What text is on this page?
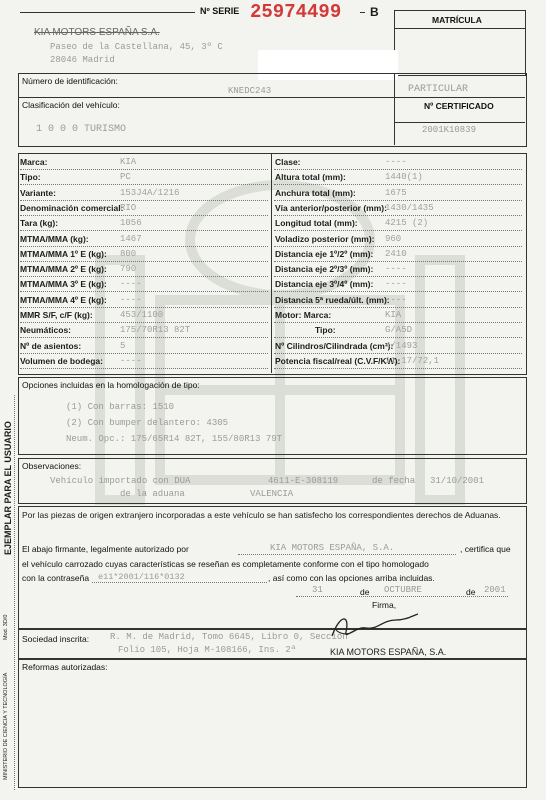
Nº SERIE 25974499 B
KIA MOTORS ESPAÑA S.A.
Paseo de la Castellana, 45, 3º C
28046 Madrid
MATRÍCULA
Número de identificación:
KNEDC243	PARTICULAR
Clasificación del vehículo:
1 0 0 0 TURISMO
Nº CERTIFICADO
2001K10839
Marca:	KIA
Tipo:	PC
Variante:	153J4A/1216
Denominación comercial:
RIO
Tara (kg):	1056
MTMA/MMA (kg):	1467
MTMA/MMA 1º E (kg): 800
MTMA/MMA 2º E (kg): 790
MTMA/MMA 3º E (kg): ----
MTMA/MMA 4º E (kg): ----
MMR S/F, c/F (kg):	453/1100
Neumáticos:	175/70R13 82T
Nº de asientos:	5
Volumen de bodega: ----
Clase:	----
Altura total (mm):	1440(1)
Anchura total (mm):	1675
Vía anterior/posterior (mm):
1430/1435
Longitud total (mm):	4215 (2)
Voladizo posterior (mm): 960
Distancia eje 1º/2º (mm): 2410
Distancia eje 2º/3º (mm): ----
Distancia eje 3º/4º (mm): ----
Distancia 5ª rueda/últ. (mm):
----
Motor: Marca:	KIA
Tipo:	G/A5D
Nº Cilindros/Cilindrada (cm³):
4/1493
Potencia fiscal/real (C.V.F/KW):
11,17/72,1
Opciones incluidas en la homologación de tipo:
(1) Con barras: 1510
(2) Con bumper delantero: 4305
Neum. Opc.: 175/65R14 82T, 155/80R13 79T
Observaciones:
Vehículo importado con DUA	4611-E-308119	de fecha 31/10/2001
de la aduana	VALENCIA
Por las piezas de origen extranjero incorporadas a este vehículo se han satisfecho los correspondientes derechos de Aduanas.
El abajo firmante, legalmente autorizado por	KIA MOTORS ESPAÑA, S.A.	, certifica que
el vehículo carrozado cuyas características se reseñan es completamente conforme con el tipo homologado
con la contraseña e11*2001/116*0132	, así como con las opciones arriba incluidas.
31	de OCTUBRE	de 2001
Firma,
Sociedad inscrita: R. M. de Madrid, Tomo 6645, Libro 0, Sección
Folio 105, Hoja M-108166, Ins. 2ª	KIA MOTORS ESPAÑA, S.A.
Reformas autorizadas:
EJEMPLAR PARA EL USUARIO
MINISTERIO DE CIENCIA Y TECNOLOGÍA
Mod. 3D/0
